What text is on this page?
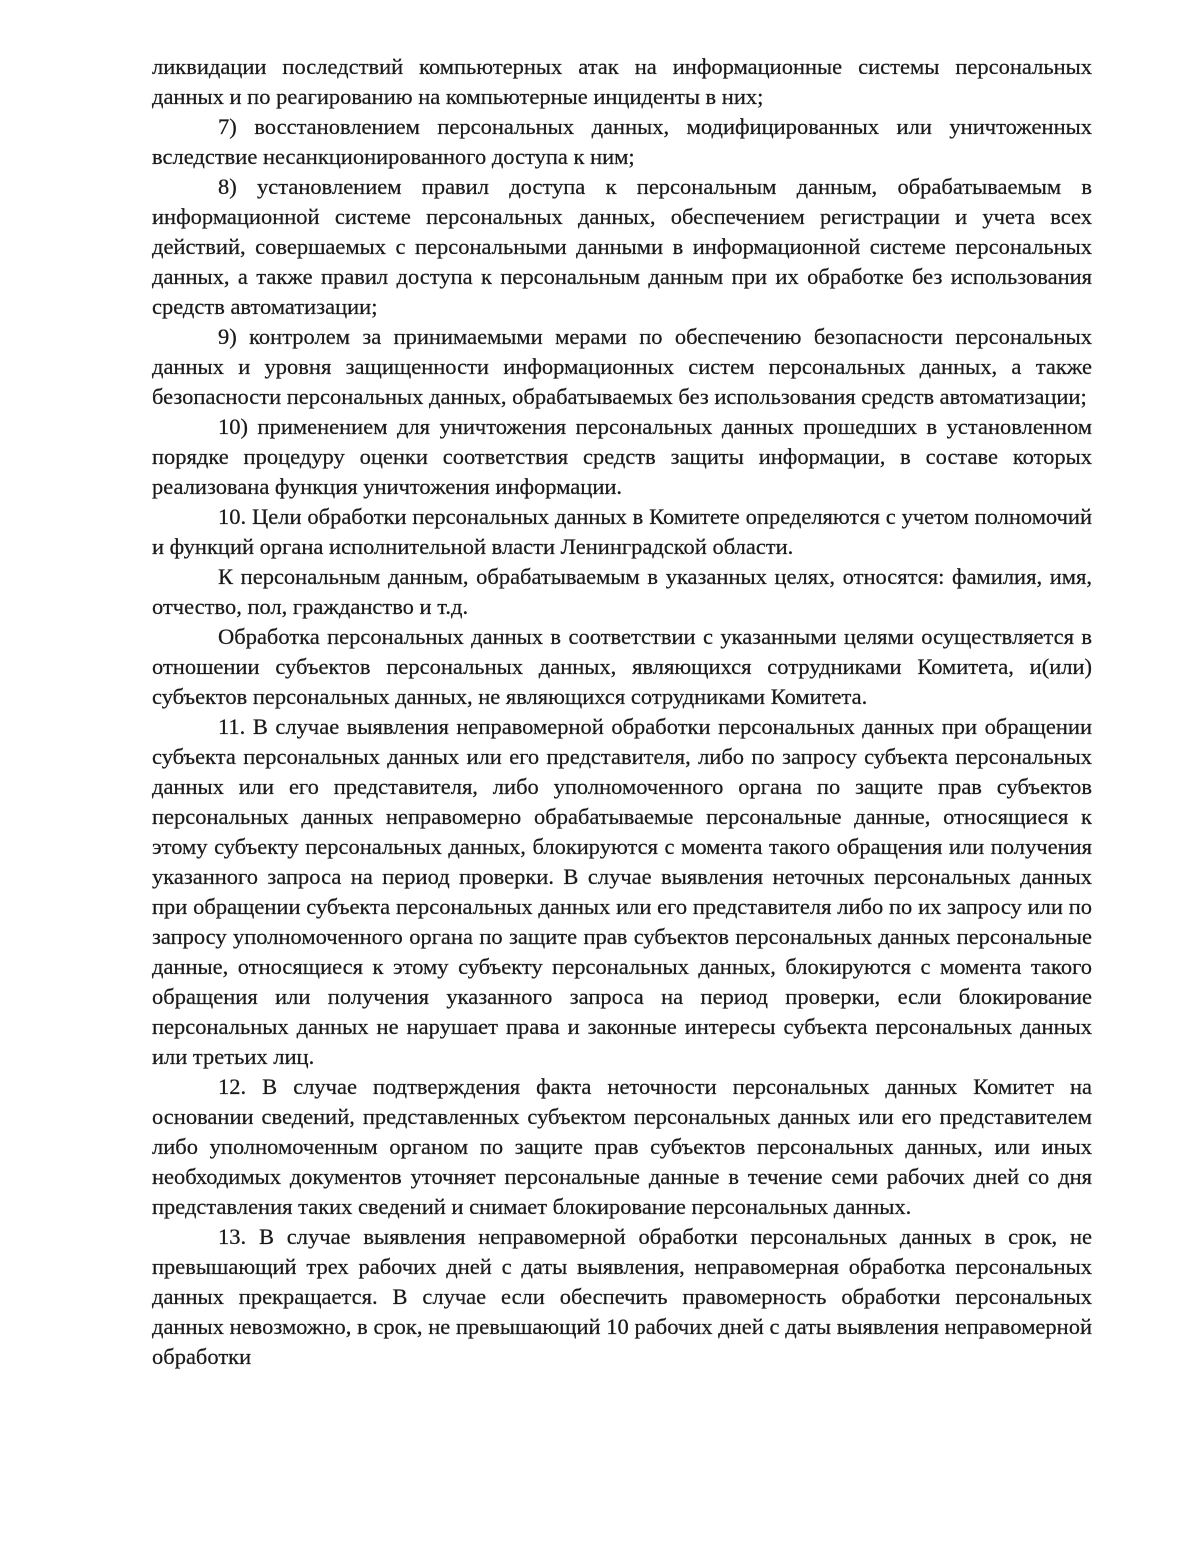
ликвидации последствий компьютерных атак на информационные системы персональных данных и по реагированию на компьютерные инциденты в них;

7) восстановлением персональных данных, модифицированных или уничтоженных вследствие несанкционированного доступа к ним;

8) установлением правил доступа к персональным данным, обрабатываемым в информационной системе персональных данных, обеспечением регистрации и учета всех действий, совершаемых с персональными данными в информационной системе персональных данных, а также правил доступа к персональным данным при их обработке без использования средств автоматизации;

9) контролем за принимаемыми мерами по обеспечению безопасности персональных данных и уровня защищенности информационных систем персональных данных, а также безопасности персональных данных, обрабатываемых без использования средств автоматизации;

10) применением для уничтожения персональных данных прошедших в установленном порядке процедуру оценки соответствия средств защиты информации, в составе которых реализована функция уничтожения информации.

10. Цели обработки персональных данных в Комитете определяются с учетом полномочий и функций органа исполнительной власти Ленинградской области.

К персональным данным, обрабатываемым в указанных целях, относятся: фамилия, имя, отчество, пол, гражданство и т.д.

Обработка персональных данных в соответствии с указанными целями осуществляется в отношении субъектов персональных данных, являющихся сотрудниками Комитета, и(или) субъектов персональных данных, не являющихся сотрудниками Комитета.

11. В случае выявления неправомерной обработки персональных данных при обращении субъекта персональных данных или его представителя, либо по запросу субъекта персональных данных или его представителя, либо уполномоченного органа по защите прав субъектов персональных данных неправомерно обрабатываемые персональные данные, относящиеся к этому субъекту персональных данных, блокируются с момента такого обращения или получения указанного запроса на период проверки. В случае выявления неточных персональных данных при обращении субъекта персональных данных или его представителя либо по их запросу или по запросу уполномоченного органа по защите прав субъектов персональных данных персональные данные, относящиеся к этому субъекту персональных данных, блокируются с момента такого обращения или получения указанного запроса на период проверки, если блокирование персональных данных не нарушает права и законные интересы субъекта персональных данных или третьих лиц.

12. В случае подтверждения факта неточности персональных данных Комитет на основании сведений, представленных субъектом персональных данных или его представителем либо уполномоченным органом по защите прав субъектов персональных данных, или иных необходимых документов уточняет персональные данные в течение семи рабочих дней со дня представления таких сведений и снимает блокирование персональных данных.

13. В случае выявления неправомерной обработки персональных данных в срок, не превышающий трех рабочих дней с даты выявления, неправомерная обработка персональных данных прекращается. В случае если обеспечить правомерность обработки персональных данных невозможно, в срок, не превышающий 10 рабочих дней с даты выявления неправомерной обработки
